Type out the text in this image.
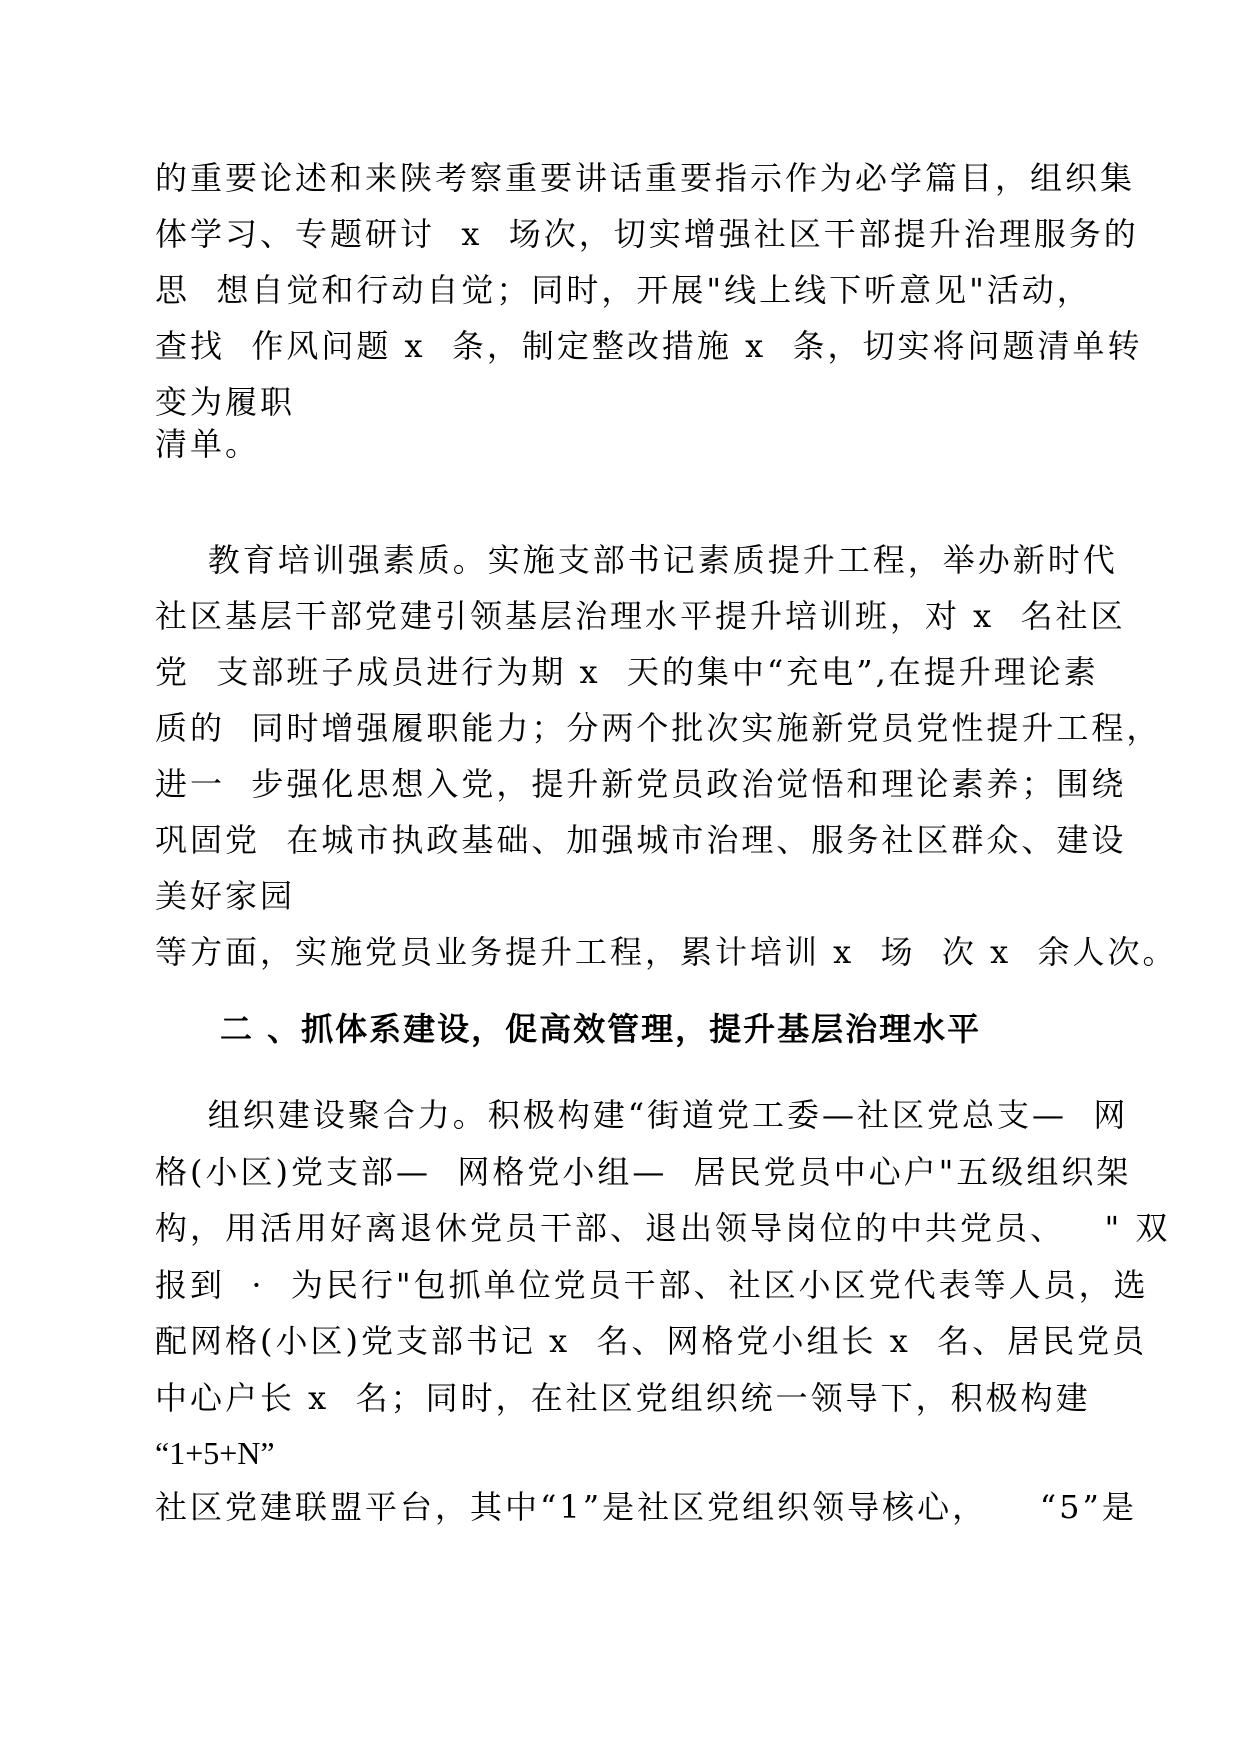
的重要论述和来陕考察重要讲话重要指示作为必学篇目，组织集
体学习、专题研讨  x  场次，切实增强社区干部提升治理服务的
思  想自觉和行动自觉；同时，开展"线上线下听意见"活动，
查找  作风问题 x  条，制定整改措施 x  条，切实将问题清单转
变为履职
清单。
教育培训强素质。实施支部书记素质提升工程，举办新时代
社区基层干部党建引领基层治理水平提升培训班，对 x  名社区
党  支部班子成员进行为期 x  天的集中“充电”,在提升理论素
质的  同时增强履职能力；分两个批次实施新党员党性提升工程，
进一  步强化思想入党，提升新党员政治觉悟和理论素养；围绕
巩固党  在城市执政基础、加强城市治理、服务社区群众、建设
美好家园
等方面，实施党员业务提升工程，累计培训 x  场  次 x  余人次。
二 、抓体系建设，促高效管理，提升基层治理水平
组织建设聚合力。积极构建“街道党工委—社区党总支—  网
格(小区)党支部—  网格党小组—  居民党员中心户"五级组织架
构，用活用好离退休党员干部、退出领导岗位的中共党员、   " 双
报到  ·  为民行"包抓单位党员干部、社区小区党代表等人员，选
配网格(小区)党支部书记 x  名、网格党小组长 x  名、居民党员
中心户长 x  名；同时，在社区党组织统一领导下，积极构建
“1+5+N”
社区党建联盟平台，其中“1”是社区党组织领导核心，    “5”是
